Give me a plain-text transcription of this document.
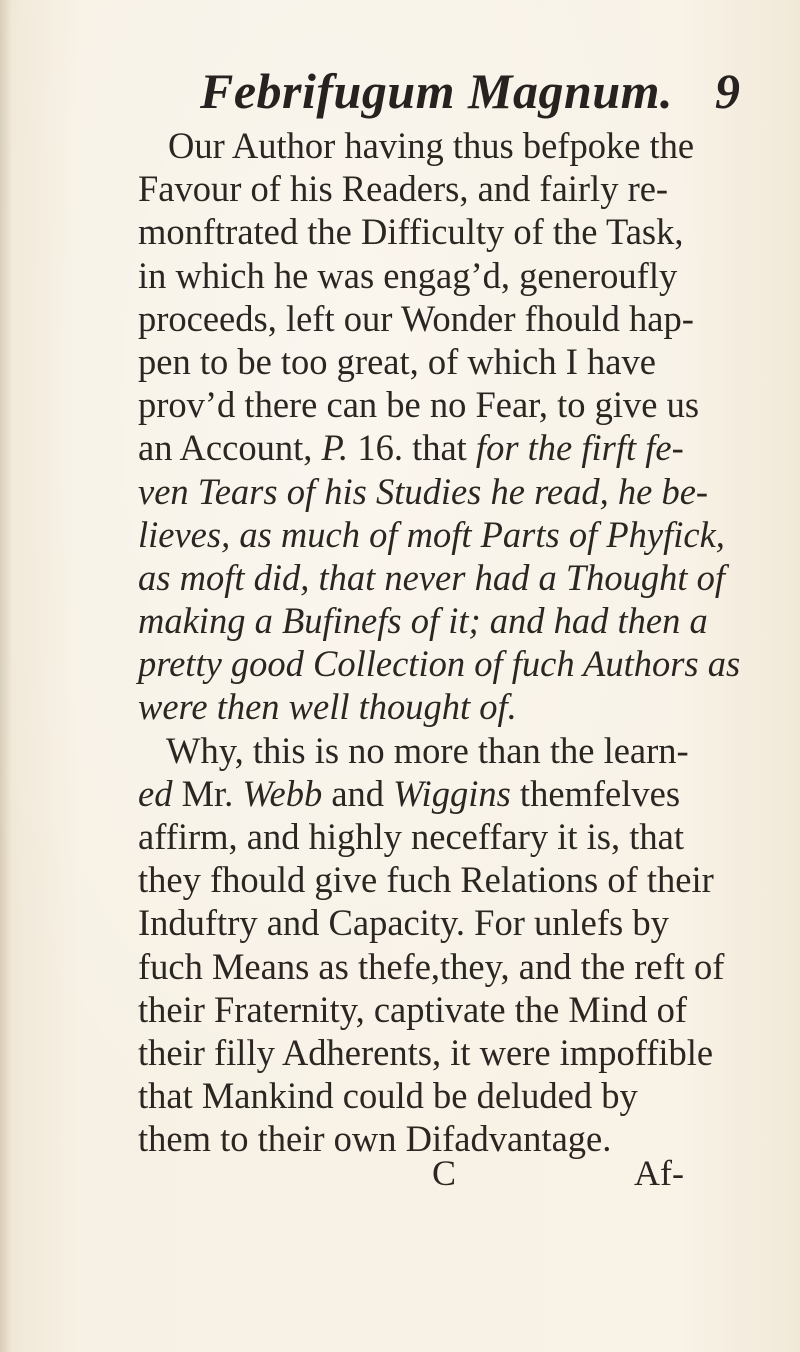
Febrifugum Magnum. 9
Our Author having thus befpoke the
Favour of his Readers, and fairly re-
monftrated the Difficulty of the Task,
in which he was engag’d, generoufly
proceeds, left our Wonder fhould hap-
pen to be too great, of which I have
prov’d there can be no Fear, to give us
an Account, P. 16. that for the firft fe-
ven Tears of his Studies he read, he be-
lieves, as much of moft Parts of Phyfick,
as moft did, that never had a Thought of
making a Bufinefs of it; and had then a
pretty good Collection of fuch Authors as
were then well thought of.
Why, this is no more than the learn-
ed Mr. Webb and Wiggins themfelves
affirm, and highly neceffary it is, that
they fhould give fuch Relations of their
Induftry and Capacity. For unlefs by
fuch Means as thefe,they, and the reft of
their Fraternity, captivate the Mind of
their filly Adherents, it were impoffible
that Mankind could be deluded by
them to their own Difadvantage.
C	Af-
